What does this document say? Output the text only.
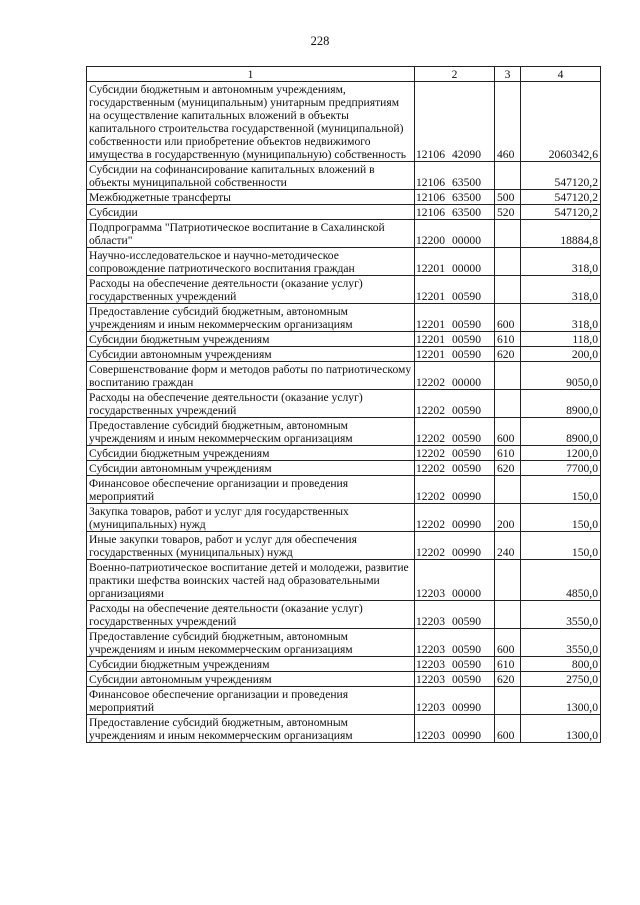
228
1	2	3	4
Субсидии бюджетным и автономным учреждениям, государственным (муниципальным) унитарным предприятиям на осуществление капитальных вложений в объекты капитального строительства государственной (муниципальной) собственности или приобретение объектов недвижимого имущества в государственную (муниципальную) собственность	12106 42090	460	2060342,6
Субсидии на софинансирование капитальных вложений в объекты муниципальной собственности	12106 63500		547120,2
Межбюджетные трансферты	12106 63500	500	547120,2
Субсидии	12106 63500	520	547120,2
Подпрограмма "Патриотическое воспитание в Сахалинской области"	12200 00000		18884,8
Научно-исследовательское и научно-методическое сопровождение патриотического воспитания граждан	12201 00000		318,0
Расходы на обеспечение деятельности (оказание услуг) государственных учреждений	12201 00590		318,0
Предоставление субсидий бюджетным, автономным учреждениям и иным некоммерческим организациям	12201 00590	600	318,0
Субсидии бюджетным учреждениям	12201 00590	610	118,0
Субсидии автономным учреждениям	12201 00590	620	200,0
Совершенствование форм и методов работы по патриотическому воспитанию граждан	12202 00000		9050,0
Расходы на обеспечение деятельности (оказание услуг) государственных учреждений	12202 00590		8900,0
Предоставление субсидий бюджетным, автономным учреждениям и иным некоммерческим организациям	12202 00590	600	8900,0
Субсидии бюджетным учреждениям	12202 00590	610	1200,0
Субсидии автономным учреждениям	12202 00590	620	7700,0
Финансовое обеспечение организации и проведения мероприятий	12202 00990		150,0
Закупка товаров, работ и услуг для государственных (муниципальных) нужд	12202 00990	200	150,0
Иные закупки товаров, работ и услуг для обеспечения государственных (муниципальных) нужд	12202 00990	240	150,0
Военно-патриотическое воспитание детей и молодежи, развитие практики шефства воинских частей над образовательными организациями	12203 00000		4850,0
Расходы на обеспечение деятельности (оказание услуг) государственных учреждений	12203 00590		3550,0
Предоставление субсидий бюджетным, автономным учреждениям и иным некоммерческим организациям	12203 00590	600	3550,0
Субсидии бюджетным учреждениям	12203 00590	610	800,0
Субсидии автономным учреждениям	12203 00590	620	2750,0
Финансовое обеспечение организации и проведения мероприятий	12203 00990		1300,0
Предоставление субсидий бюджетным, автономным учреждениям и иным некоммерческим организациям	12203 00990	600	1300,0
